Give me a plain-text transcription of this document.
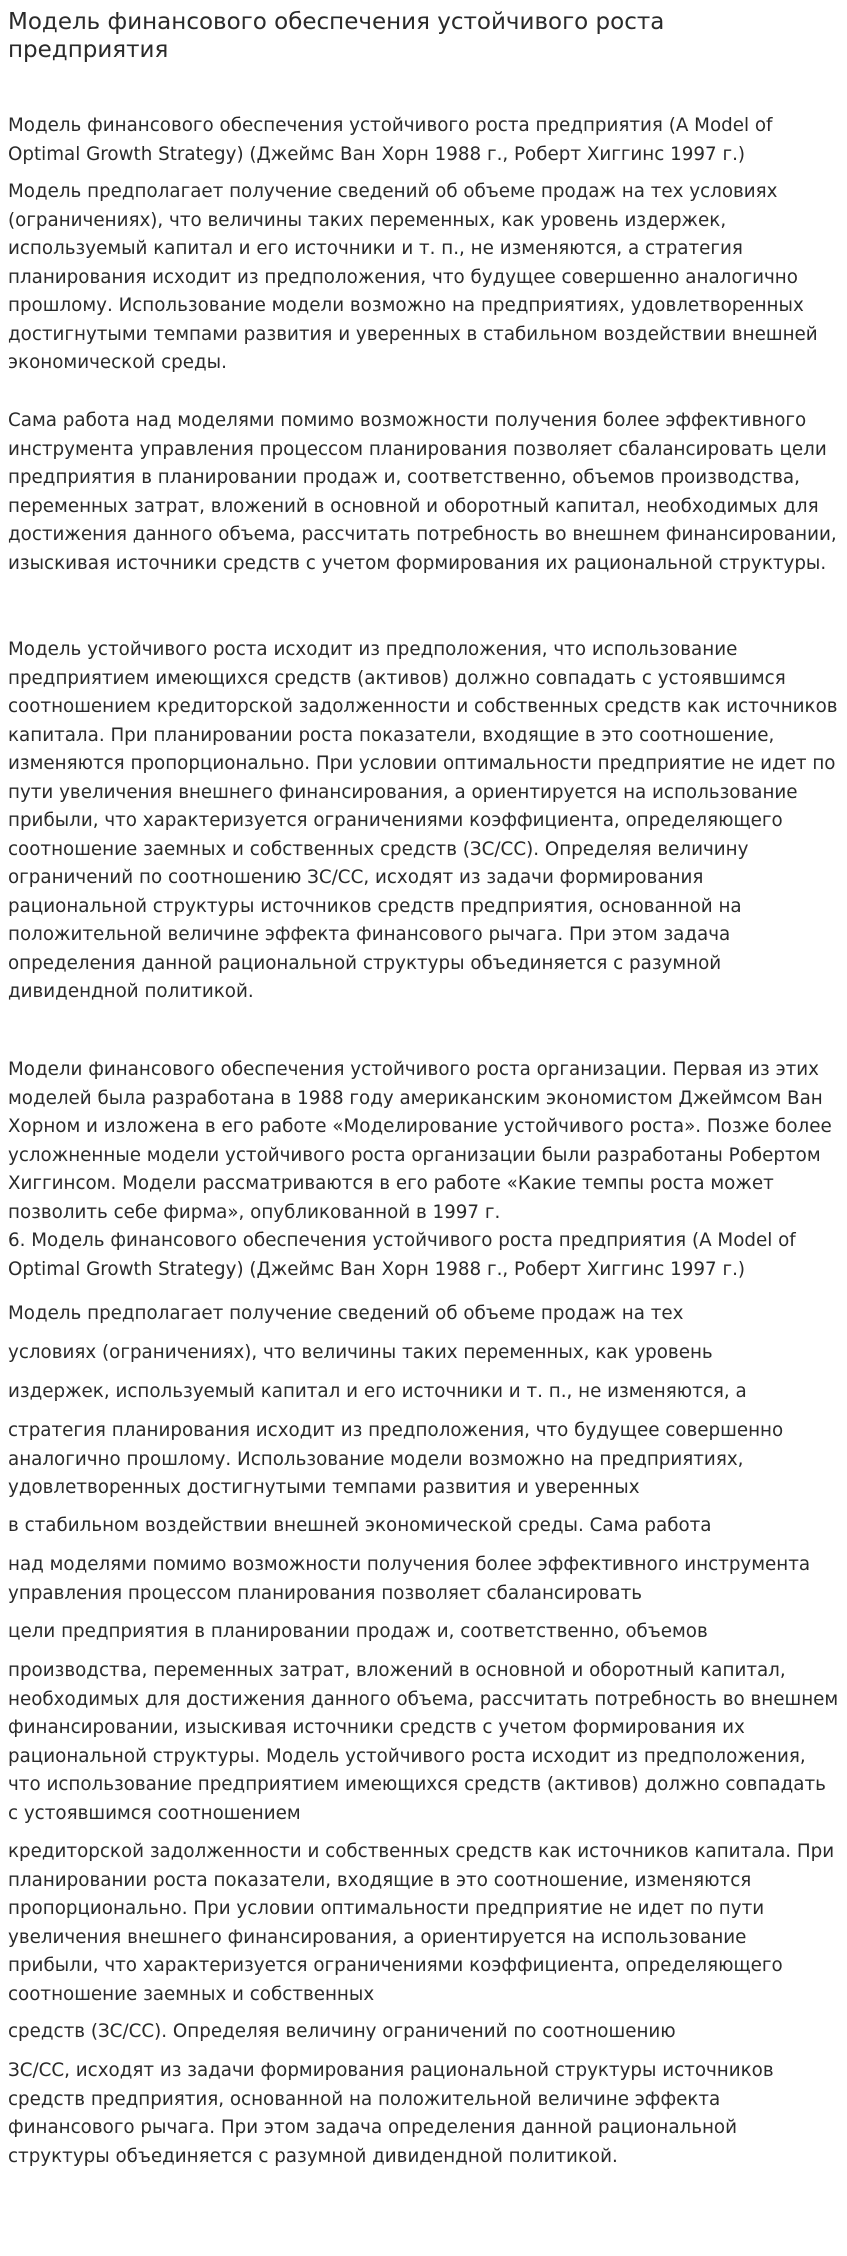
Модель финансового обеспечения устойчивого роста предприятия

Модель финансового обеспечения устойчивого роста предприятия (A Model of Optimal Growth Strategy) (Джеймс Ван Хорн 1988 г., Роберт Хиггинс 1997 г.)

Модель предполагает получение сведений об объеме продаж на тех условиях (ограничениях), что величины таких переменных, как уровень издержек, используемый капитал и его источники и т. п., не изменяются, а стратегия планирования исходит из предположения, что будущее совершенно аналогично прошлому. Использование модели возможно на предприятиях, удовлетворенных достигнутыми темпами развития и уверенных в стабильном воздействии внешней экономической среды.

Сама работа над моделями помимо возможности получения более эффективного инструмента управления процессом планирования позволяет сбалансировать цели предприятия в планировании продаж и, соответственно, объемов производства, переменных затрат, вложений в основной и оборотный капитал, необходимых для достижения данного объема, рассчитать потребность во внешнем финансировании, изыскивая источники средств с учетом формирования их рациональной структуры.

Модель устойчивого роста исходит из предположения, что использование предприятием имеющихся средств (активов) должно совпадать с устоявшимся соотношением кредиторской задолженности и собственных средств как источников капитала. При планировании роста показатели, входящие в это соотношение, изменяются пропорционально. При условии оптимальности предприятие не идет по пути увеличения внешнего финансирования, а ориентируется на использование прибыли, что характеризуется ограничениями коэффициента, определяющего соотношение заемных и собственных средств (ЗС/СС). Определяя величину ограничений по соотношению ЗС/СС, исходят из задачи формирования рациональной структуры источников средств предприятия, основанной на положительной величине эффекта финансового рычага. При этом задача определения данной рациональной структуры объединяется с разумной дивидендной политикой.

Модели финансового обеспечения устойчивого роста организации. Первая из этих моделей была разработана в 1988 году американским экономистом Джеймсом Ван Хорном и изложена в его работе «Моделирование устойчивого роста». Позже более усложненные модели устойчивого роста организации были разработаны Робертом Хиггинсом. Модели рассматриваются в его работе «Какие темпы роста может позволить себе фирма», опубликованной в 1997 г.

6. Модель финансового обеспечения устойчивого роста предприятия (A Model of Optimal Growth Strategy) (Джеймс Ван Хорн 1988 г., Роберт Хиггинс 1997 г.)

Модель предполагает получение сведений об объеме продаж на тех

условиях (ограничениях), что величины таких переменных, как уровень

издержек, используемый капитал и его источники и т. п., не изменяются, а

стратегия планирования исходит из предположения, что будущее совершенно аналогично прошлому. Использование модели возможно на предприятиях, удовлетворенных достигнутыми темпами развития и уверенных

в стабильном воздействии внешней экономической среды. Сама работа

над моделями помимо возможности получения более эффективного инструмента управления процессом планирования позволяет сбалансировать

цели предприятия в планировании продаж и, соответственно, объемов

производства, переменных затрат, вложений в основной и оборотный капитал, необходимых для достижения данного объема, рассчитать потребность во внешнем финансировании, изыскивая источники средств с учетом формирования их рациональной структуры. Модель устойчивого роста исходит из предположения, что использование предприятием имеющихся средств (активов) должно совпадать с устоявшимся соотношением

кредиторской задолженности и собственных средств как источников капитала. При планировании роста показатели, входящие в это соотношение, изменяются пропорционально. При условии оптимальности предприятие не идет по пути увеличения внешнего финансирования, а ориентируется на использование прибыли, что характеризуется ограничениями коэффициента, определяющего соотношение заемных и собственных

средств (ЗС/СС). Определяя величину ограничений по соотношению

ЗС/СС, исходят из задачи формирования рациональной структуры источников средств предприятия, основанной на положительной величине эффекта финансового рычага. При этом задача определения данной рациональной структуры объединяется с разумной дивидендной политикой.
